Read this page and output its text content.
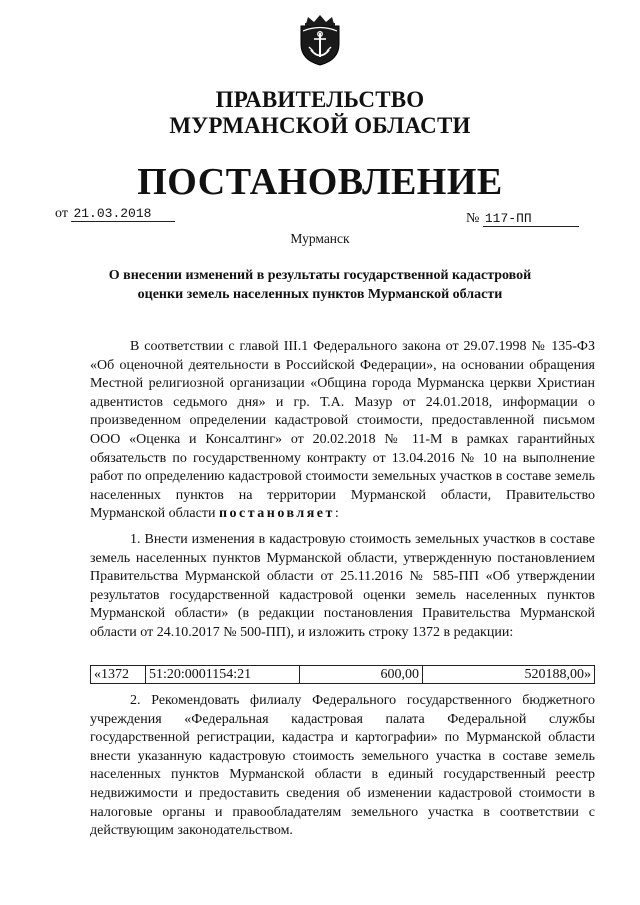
ПРАВИТЕЛЬСТВО
МУРМАНСКОЙ ОБЛАСТИ
ПОСТАНОВЛЕНИЕ
от 21.03.2018	№ 117-ПП
Мурманск
О внесении изменений в результаты государственной кадастровой
оценки земель населенных пунктов Мурманской области

В соответствии с главой III.1 Федерального закона от 29.07.1998 № 135-ФЗ «Об оценочной деятельности в Российской Федерации», на основании обращения Местной религиозной организации «Община города Мурманска церкви Христиан адвентистов седьмого дня» и гр. Т.А. Мазур от 24.01.2018, информации о произведенном определении кадастровой стоимости, предоставленной письмом ООО «Оценка и Консалтинг» от 20.02.2018 № 11-М в рамках гарантийных обязательств по государственному контракту от 13.04.2016 № 10 на выполнение работ по определению кадастровой стоимости земельных участков в составе земель населенных пунктов на территории Мурманской области, Правительство Мурманской области постановляет:

1. Внести изменения в кадастровую стоимость земельных участков в составе земель населенных пунктов Мурманской области, утвержденную постановлением Правительства Мурманской области от 25.11.2016 № 585-ПП «Об утверждении результатов государственной кадастровой оценки земель населенных пунктов Мурманской области» (в редакции постановления Правительства Мурманской области от 24.10.2017 № 500-ПП), и изложить строку 1372 в редакции:

«1372	51:20:0001154:21	600,00	520188,00»

2. Рекомендовать филиалу Федерального государственного бюджетного учреждения «Федеральная кадастровая палата Федеральной службы государственной регистрации, кадастра и картографии» по Мурманской области внести указанную кадастровую стоимость земельного участка в составе земель населенных пунктов Мурманской области в единый государственный реестр недвижимости и предоставить сведения об изменении кадастровой стоимости в налоговые органы и правообладателям земельного участка в соответствии с действующим законодательством.
